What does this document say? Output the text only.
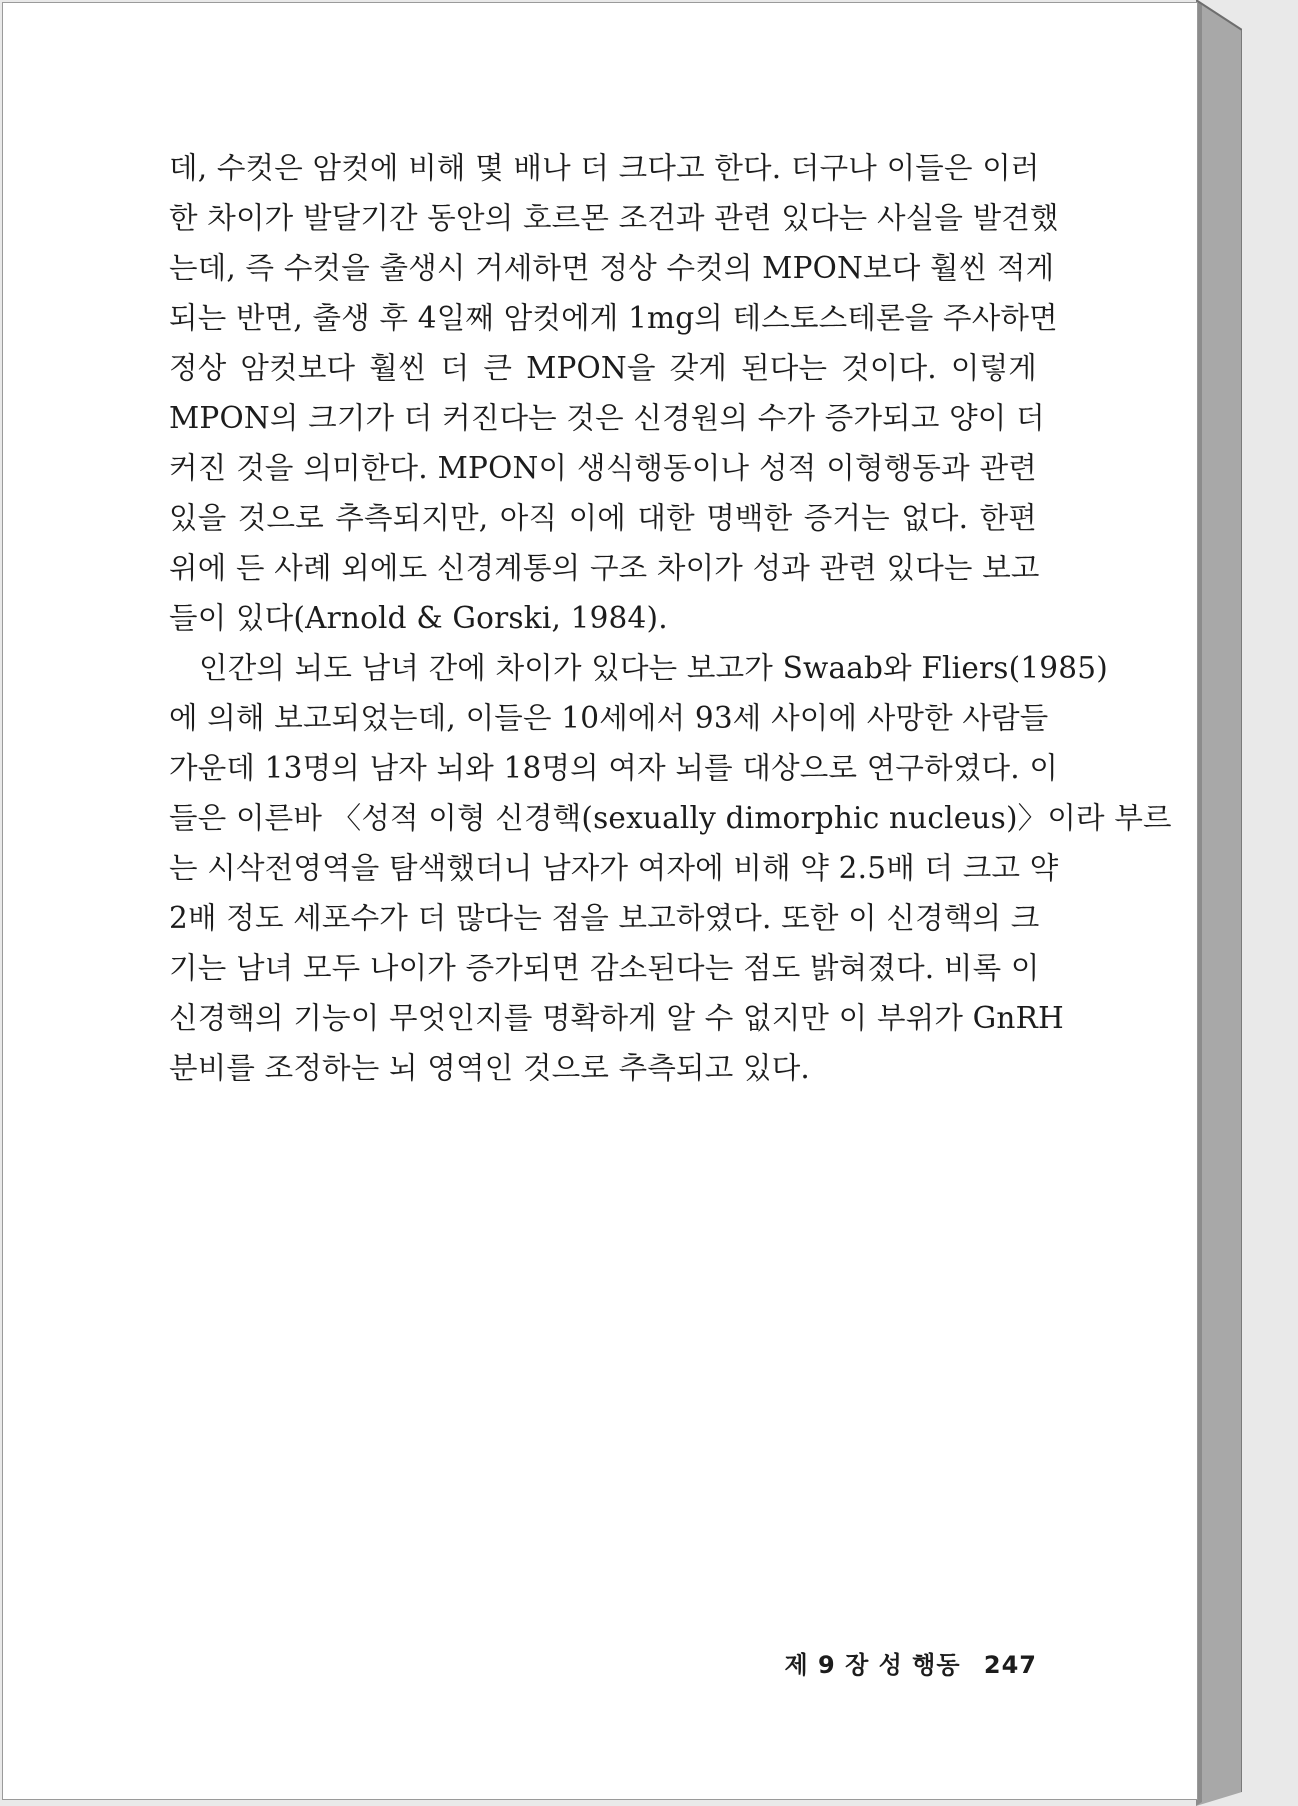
데, 수컷은 암컷에 비해 몇 배나 더 크다고 한다. 더구나 이들은 이러
한 차이가 발달기간 동안의 호르몬 조건과 관련 있다는 사실을 발견했
는데, 즉 수컷을 출생시 거세하면 정상 수컷의 MPON보다 훨씬 적게
되는 반면, 출생 후 4일째 암컷에게 1mg의 테스토스테론을 주사하면
정상 암컷보다 훨씬 더 큰 MPON을 갖게 된다는 것이다. 이렇게
MPON의 크기가 더 커진다는 것은 신경원의 수가 증가되고 양이 더
커진 것을 의미한다. MPON이 생식행동이나 성적 이형행동과 관련
있을 것으로 추측되지만, 아직 이에 대한 명백한 증거는 없다. 한편
위에 든 사례 외에도 신경계통의 구조 차이가 성과 관련 있다는 보고
들이 있다(Arnold & Gorski, 1984).
인간의 뇌도 남녀 간에 차이가 있다는 보고가 Swaab와 Fliers(1985)
에 의해 보고되었는데, 이들은 10세에서 93세 사이에 사망한 사람들
가운데 13명의 남자 뇌와 18명의 여자 뇌를 대상으로 연구하였다. 이
들은 이른바 〈성적 이형 신경핵(sexually dimorphic nucleus)〉이라 부르
는 시삭전영역을 탐색했더니 남자가 여자에 비해 약 2.5배 더 크고 약
2배 정도 세포수가 더 많다는 점을 보고하였다. 또한 이 신경핵의 크
기는 남녀 모두 나이가 증가되면 감소된다는 점도 밝혀졌다. 비록 이
신경핵의 기능이 무엇인지를 명확하게 알 수 없지만 이 부위가 GnRH
분비를 조정하는 뇌 영역인 것으로 추측되고 있다.
제 9 장 성 행동 247
